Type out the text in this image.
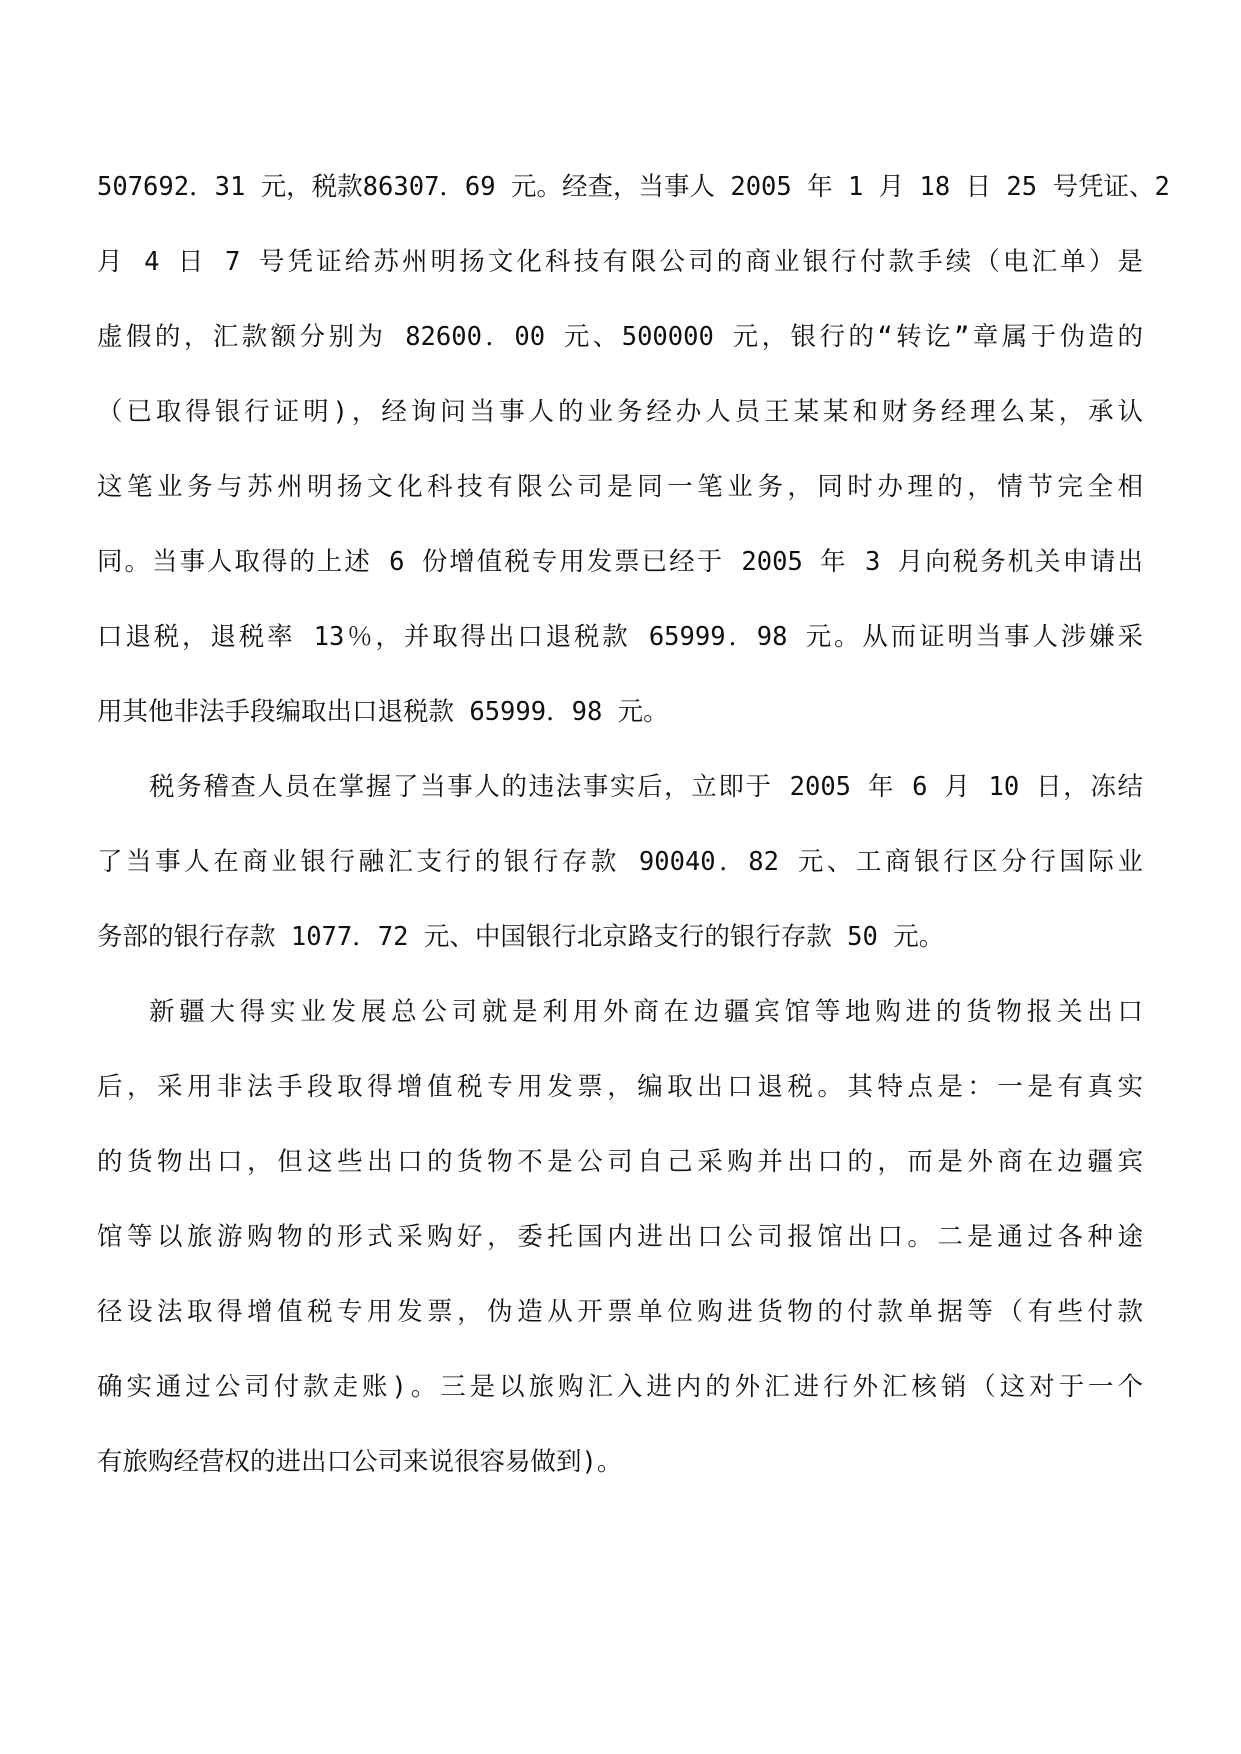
507692．31 元，税款86307．69 元。经查，当事人 2005 年 1 月 18 日 25 号凭证、2
月 4 日 7 号凭证给苏州明扬文化科技有限公司的商业银行付款手续（电汇单）是
虚假的，汇款额分别为 82600．00 元、500000 元，银行的“转讫”章属于伪造的
（已取得银行证明)，经询问当事人的业务经办人员王某某和财务经理么某，承认
这笔业务与苏州明扬文化科技有限公司是同一笔业务，同时办理的，情节完全相
同。当事人取得的上述 6 份增值税专用发票已经于 2005 年 3 月向税务机关申请出
口退税，退税率 13％，并取得出口退税款 65999．98 元。从而证明当事人涉嫌采
用其他非法手段编取出口退税款 65999．98 元。
税务稽查人员在掌握了当事人的违法事实后，立即于 2005 年 6 月 10 日，冻结
了当事人在商业银行融汇支行的银行存款 90040．82 元、工商银行区分行国际业
务部的银行存款 1077．72 元、中国银行北京路支行的银行存款 50 元。
新疆大得实业发展总公司就是利用外商在边疆宾馆等地购进的货物报关出口
后，采用非法手段取得增值税专用发票，编取出口退税。其特点是：一是有真实
的货物出口，但这些出口的货物不是公司自己采购并出口的，而是外商在边疆宾
馆等以旅游购物的形式采购好，委托国内进出口公司报馆出口。二是通过各种途
径设法取得增值税专用发票，伪造从开票单位购进货物的付款单据等（有些付款
确实通过公司付款走账)。三是以旅购汇入进内的外汇进行外汇核销（这对于一个
有旅购经营权的进出口公司来说很容易做到)。
